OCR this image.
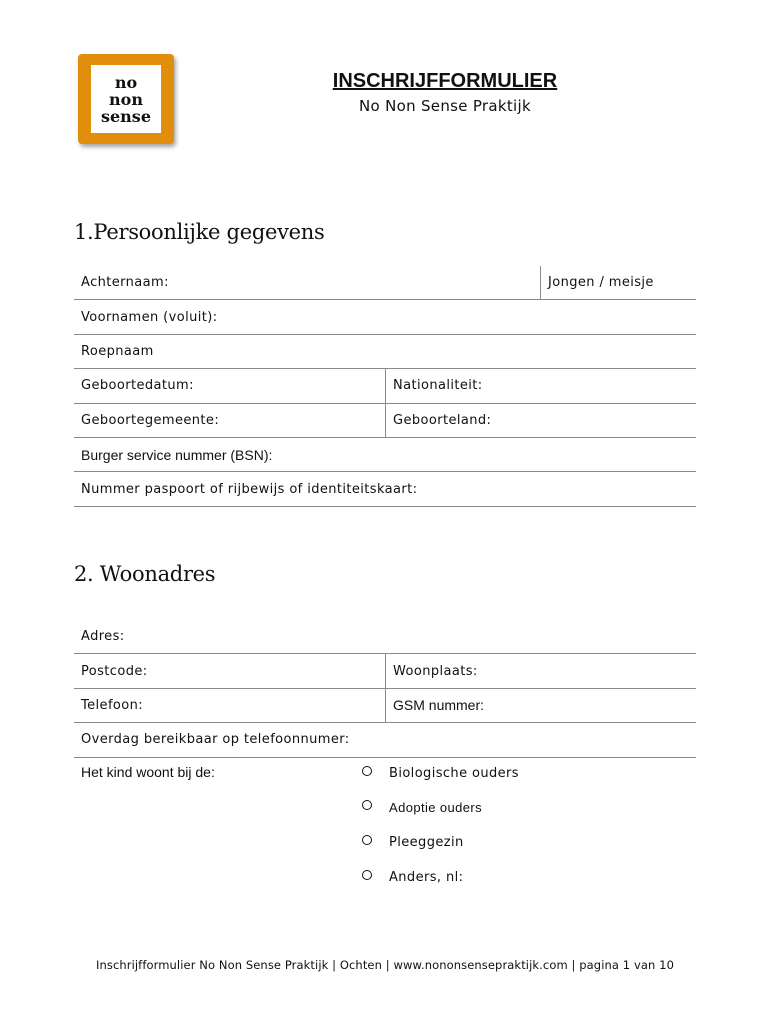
no
non
sense
INSCHRIJFFORMULIER
No Non Sense Praktijk
1.Persoonlijke gegevens
Achternaam:	Jongen / meisje
Voornamen (voluit):
Roepnaam
Geboortedatum:	Nationaliteit:
Geboortegemeente:	Geboorteland:
Burger service nummer (BSN):
Nummer paspoort of rijbewijs of identiteitskaart:
2. Woonadres
Adres:
Postcode:	Woonplaats:
Telefoon:	GSM nummer:
Overdag bereikbaar op telefoonnumer:
Het kind woont bij de:	Biologische ouders
Adoptie ouders
Pleeggezin
Anders, nl:
Inschrijfformulier No Non Sense Praktijk | Ochten | www.nononsensepraktijk.com | pagina 1 van 10
